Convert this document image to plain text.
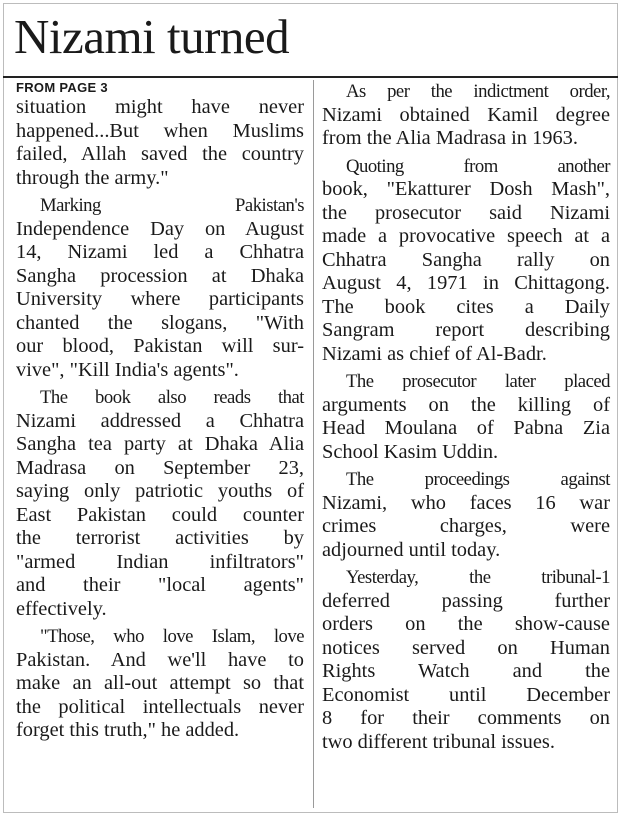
Nizami turned

FROM PAGE 3

situation might have never
happened...But when Muslims
failed, Allah saved the country
through the army."
Marking Pakistan's
Independence Day on August
14, Nizami led a Chhatra
Sangha procession at Dhaka
University where participants
chanted the slogans, "With
our blood, Pakistan will sur-
vive", "Kill India's agents".
The book also reads that
Nizami addressed a Chhatra
Sangha tea party at Dhaka Alia
Madrasa on September 23,
saying only patriotic youths of
East Pakistan could counter
the terrorist activities by
"armed Indian infiltrators"
and their "local agents"
effectively.
"Those, who love Islam, love
Pakistan. And we'll have to
make an all-out attempt so that
the political intellectuals never
forget this truth," he added.
As per the indictment order,
Nizami obtained Kamil degree
from the Alia Madrasa in 1963.
Quoting from another
book, "Ekatturer Dosh Mash",
the prosecutor said Nizami
made a provocative speech at a
Chhatra Sangha rally on
August 4, 1971 in Chittagong.
The book cites a Daily
Sangram report describing
Nizami as chief of Al-Badr.
The prosecutor later placed
arguments on the killing of
Head Moulana of Pabna Zia
School Kasim Uddin.
The proceedings against
Nizami, who faces 16 war
crimes charges, were
adjourned until today.
Yesterday, the tribunal-1
deferred passing further
orders on the show-cause
notices served on Human
Rights Watch and the
Economist until December
8 for their comments on
two different tribunal issues.
